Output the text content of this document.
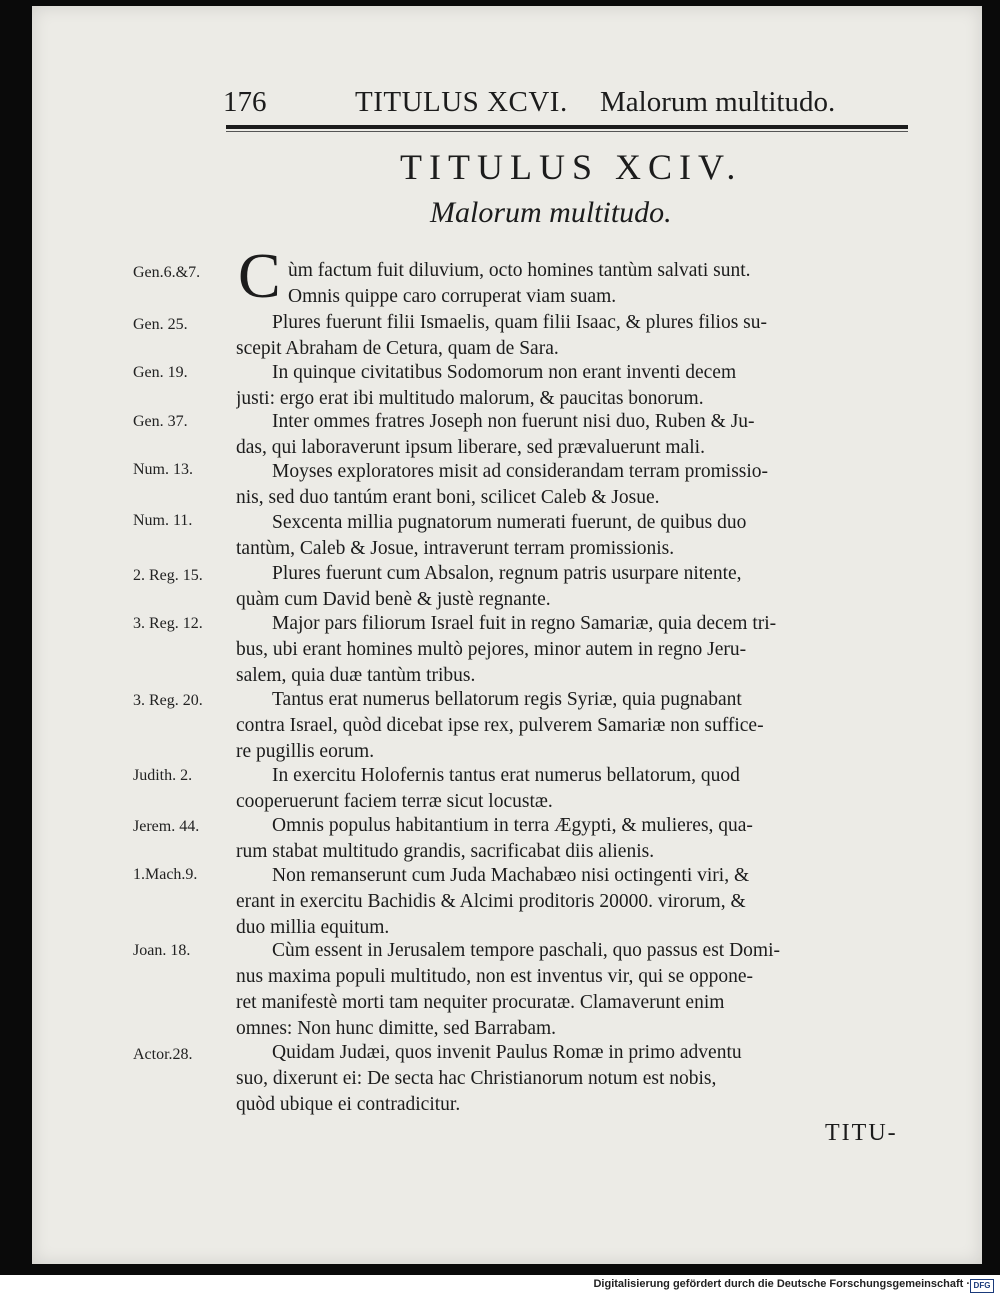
176	TITULUS XCVI. Malorum multitudo.
TITULUS XCIV.
Malorum multitudo.
Gen.6.&7. C ùm factum fuit diluvium, octo homines tantùm salvati sunt.
Omnis quippe caro corruperat viam suam.
Gen. 25.	Plures fuerunt filii Ismaelis, quam filii Isaac, & plures filios su-
scepit Abraham de Cetura, quam de Sara.
Gen. 19.	In quinque civitatibus Sodomorum non erant inventi decem
justi: ergo erat ibi multitudo malorum, & paucitas bonorum.
Gen. 37.	Inter ommes fratres Joseph non fuerunt nisi duo, Ruben & Ju-
das, qui laboraverunt ipsum liberare, sed prævaluerunt mali.
Num. 13.	Moyses exploratores misit ad considerandam terram promissio-
nis, sed duo tantúm erant boni, scilicet Caleb & Josue.
Num. 11.	Sexcenta millia pugnatorum numerati fuerunt, de quibus duo
tantùm, Caleb & Josue, intraverunt terram promissionis.
2. Reg. 15.	Plures fuerunt cum Absalon, regnum patris usurpare nitente,
quàm cum David benè & justè regnante.
3. Reg. 12.	Major pars filiorum Israel fuit in regno Samariæ, quia decem tri-
bus, ubi erant homines multò pejores, minor autem in regno Jeru-
salem, quia duæ tantùm tribus.
3. Reg. 20.	Tantus erat numerus bellatorum regis Syriæ, quia pugnabant
contra Israel, quòd dicebat ipse rex, pulverem Samariæ non suffice-
re pugillis eorum.
Judith. 2.	In exercitu Holofernis tantus erat numerus bellatorum, quod
cooperuerunt faciem terræ sicut locustæ.
Jerem. 44.	Omnis populus habitantium in terra Ægypti, & mulieres, qua-
rum stabat multitudo grandis, sacrificabat diis alienis.
1.Mach.9.	Non remanserunt cum Juda Machabæo nisi octingenti viri, &
erant in exercitu Bachidis & Alcimi proditoris 20000. virorum, &
duo millia equitum.
Joan. 18.	Cùm essent in Jerusalem tempore paschali, quo passus est Domi-
nus maxima populi multitudo, non est inventus vir, qui se oppone-
ret manifestè morti tam nequiter procuratæ. Clamaverunt enim
omnes: Non hunc dimitte, sed Barrabam.
Actor.28.	Quidam Judæi, quos invenit Paulus Romæ in primo adventu
suo, dixerunt ei: De secta hac Christianorum notum est nobis,
quòd ubique ei contradicitur.
TITU-
Digitalisierung gefördert durch die Deutsche Forschungsgemeinschaft · DFG
